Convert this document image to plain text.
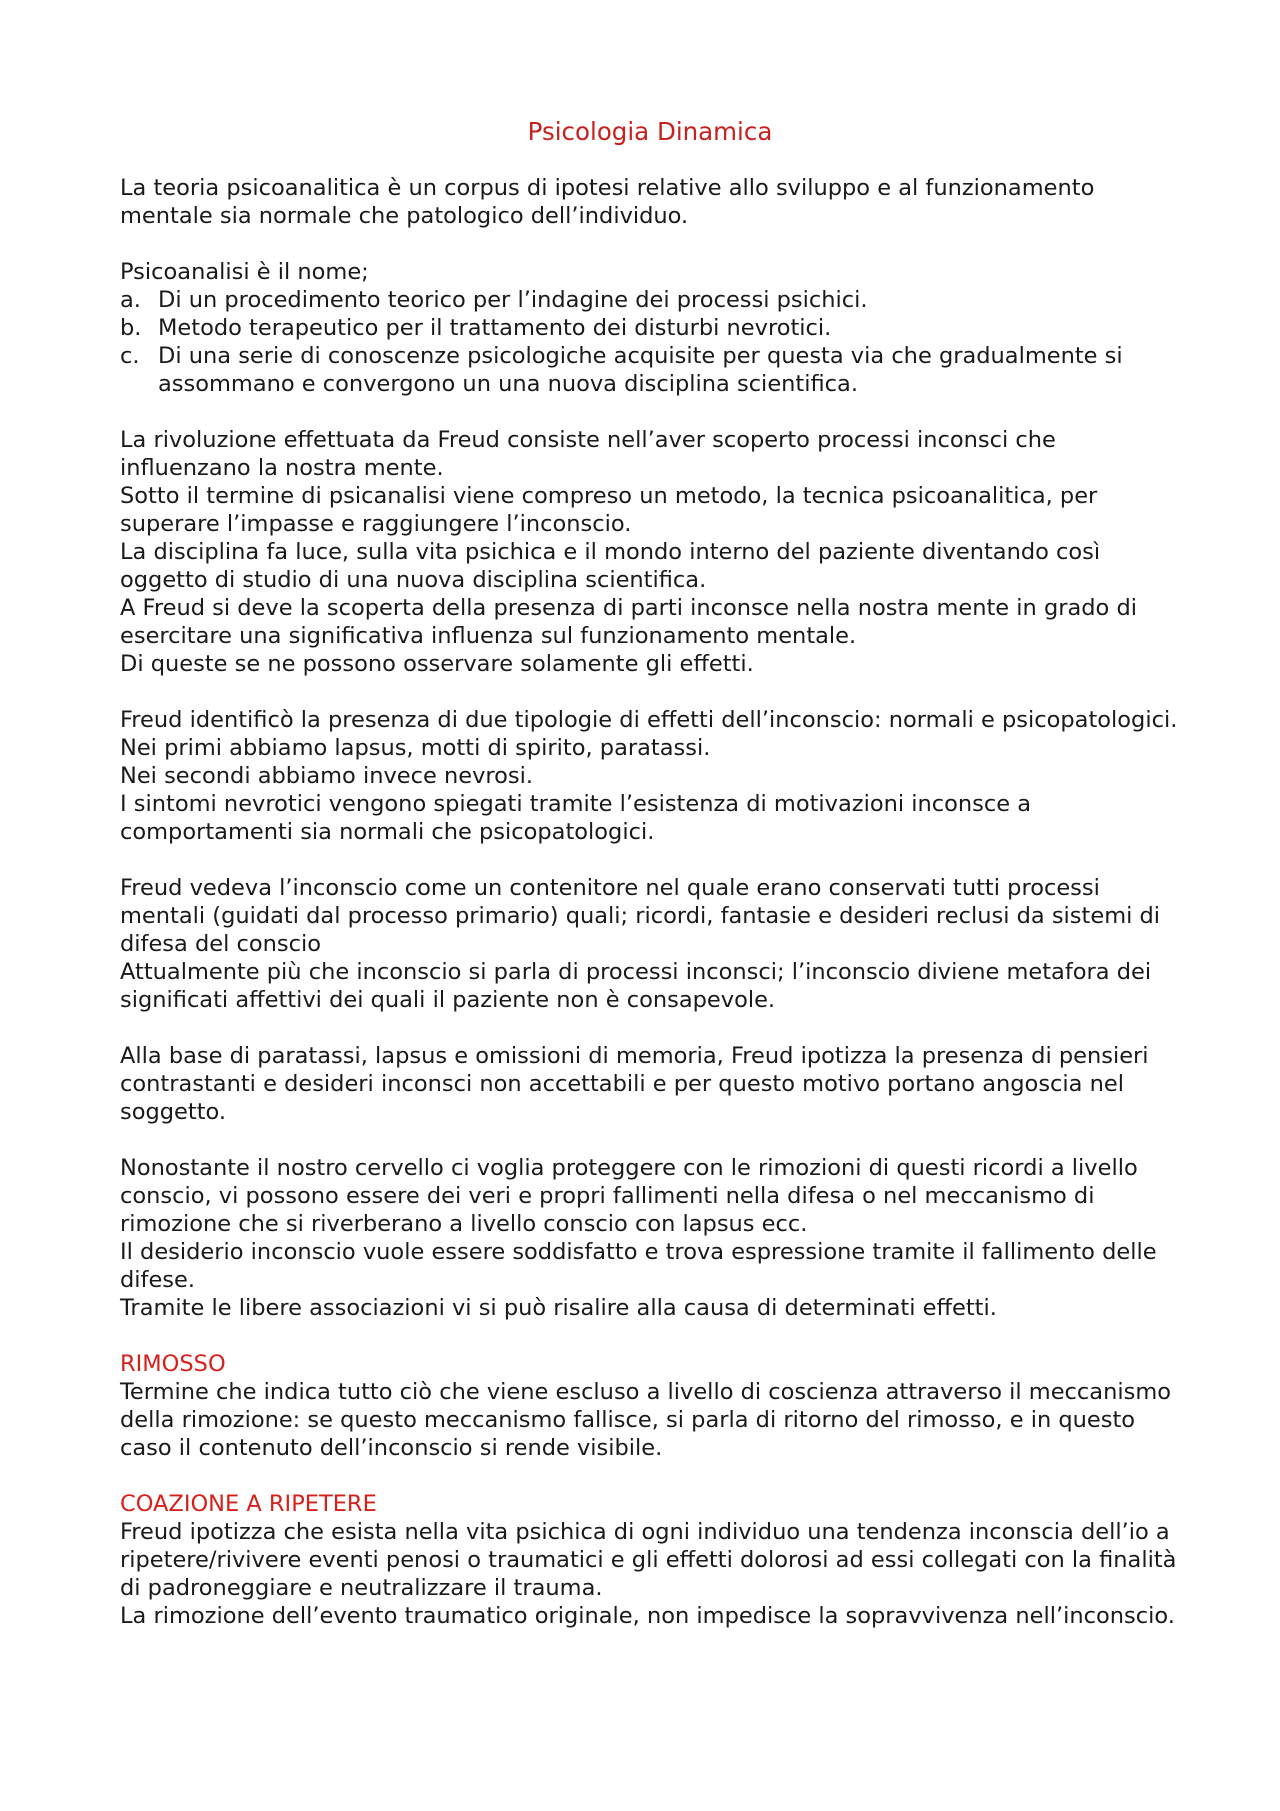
Psicologia Dinamica

La teoria psicoanalitica è un corpus di ipotesi relative allo sviluppo e al funzionamento mentale sia normale che patologico dell’individuo.

Psicoanalisi è il nome;

a. Di un procedimento teorico per l’indagine dei processi psichici.
b. Metodo terapeutico per il trattamento dei disturbi nevrotici.
c. Di una serie di conoscenze psicologiche acquisite per questa via che gradualmente si assommano e convergono un una nuova disciplina scientifica.

La rivoluzione effettuata da Freud consiste nell’aver scoperto processi inconsci che influenzano la nostra mente.

Sotto il termine di psicanalisi viene compreso un metodo, la tecnica psicoanalitica, per superare l’impasse e raggiungere l’inconscio.

La disciplina fa luce, sulla vita psichica e il mondo interno del paziente diventando così oggetto di studio di una nuova disciplina scientifica.

A Freud si deve la scoperta della presenza di parti inconsce nella nostra mente in grado di esercitare una significativa influenza sul funzionamento mentale.

Di queste se ne possono osservare solamente gli effetti.

Freud identificò la presenza di due tipologie di effetti dell’inconscio: normali e psicopatologici.

Nei primi abbiamo lapsus, motti di spirito, paratassi.

Nei secondi abbiamo invece nevrosi.

I sintomi nevrotici vengono spiegati tramite l’esistenza di motivazioni inconsce a comportamenti sia normali che psicopatologici.

Freud vedeva l’inconscio come un contenitore nel quale erano conservati tutti processi mentali (guidati dal processo primario) quali; ricordi, fantasie e desideri reclusi da sistemi di difesa del conscio

Attualmente più che inconscio si parla di processi inconsci; l’inconscio diviene metafora dei significati affettivi dei quali il paziente non è consapevole.

Alla base di paratassi, lapsus e omissioni di memoria, Freud ipotizza la presenza di pensieri contrastanti e desideri inconsci non accettabili e per questo motivo portano angoscia nel soggetto.

Nonostante il nostro cervello ci voglia proteggere con le rimozioni di questi ricordi a livello conscio, vi possono essere dei veri e propri fallimenti nella difesa o nel meccanismo di rimozione che si riverberano a livello conscio con lapsus ecc.

Il desiderio inconscio vuole essere soddisfatto e trova espressione tramite il fallimento delle difese.

Tramite le libere associazioni vi si può risalire alla causa di determinati effetti.

RIMOSSO

Termine che indica tutto ciò che viene escluso a livello di coscienza attraverso il meccanismo della rimozione: se questo meccanismo fallisce, si parla di ritorno del rimosso, e in questo caso il contenuto dell’inconscio si rende visibile.

COAZIONE A RIPETERE

Freud ipotizza che esista nella vita psichica di ogni individuo una tendenza inconscia dell’io a ripetere/rivivere eventi penosi o traumatici e gli effetti dolorosi ad essi collegati con la finalità di padroneggiare e neutralizzare il trauma.

La rimozione dell’evento traumatico originale, non impedisce la sopravvivenza nell’inconscio.
